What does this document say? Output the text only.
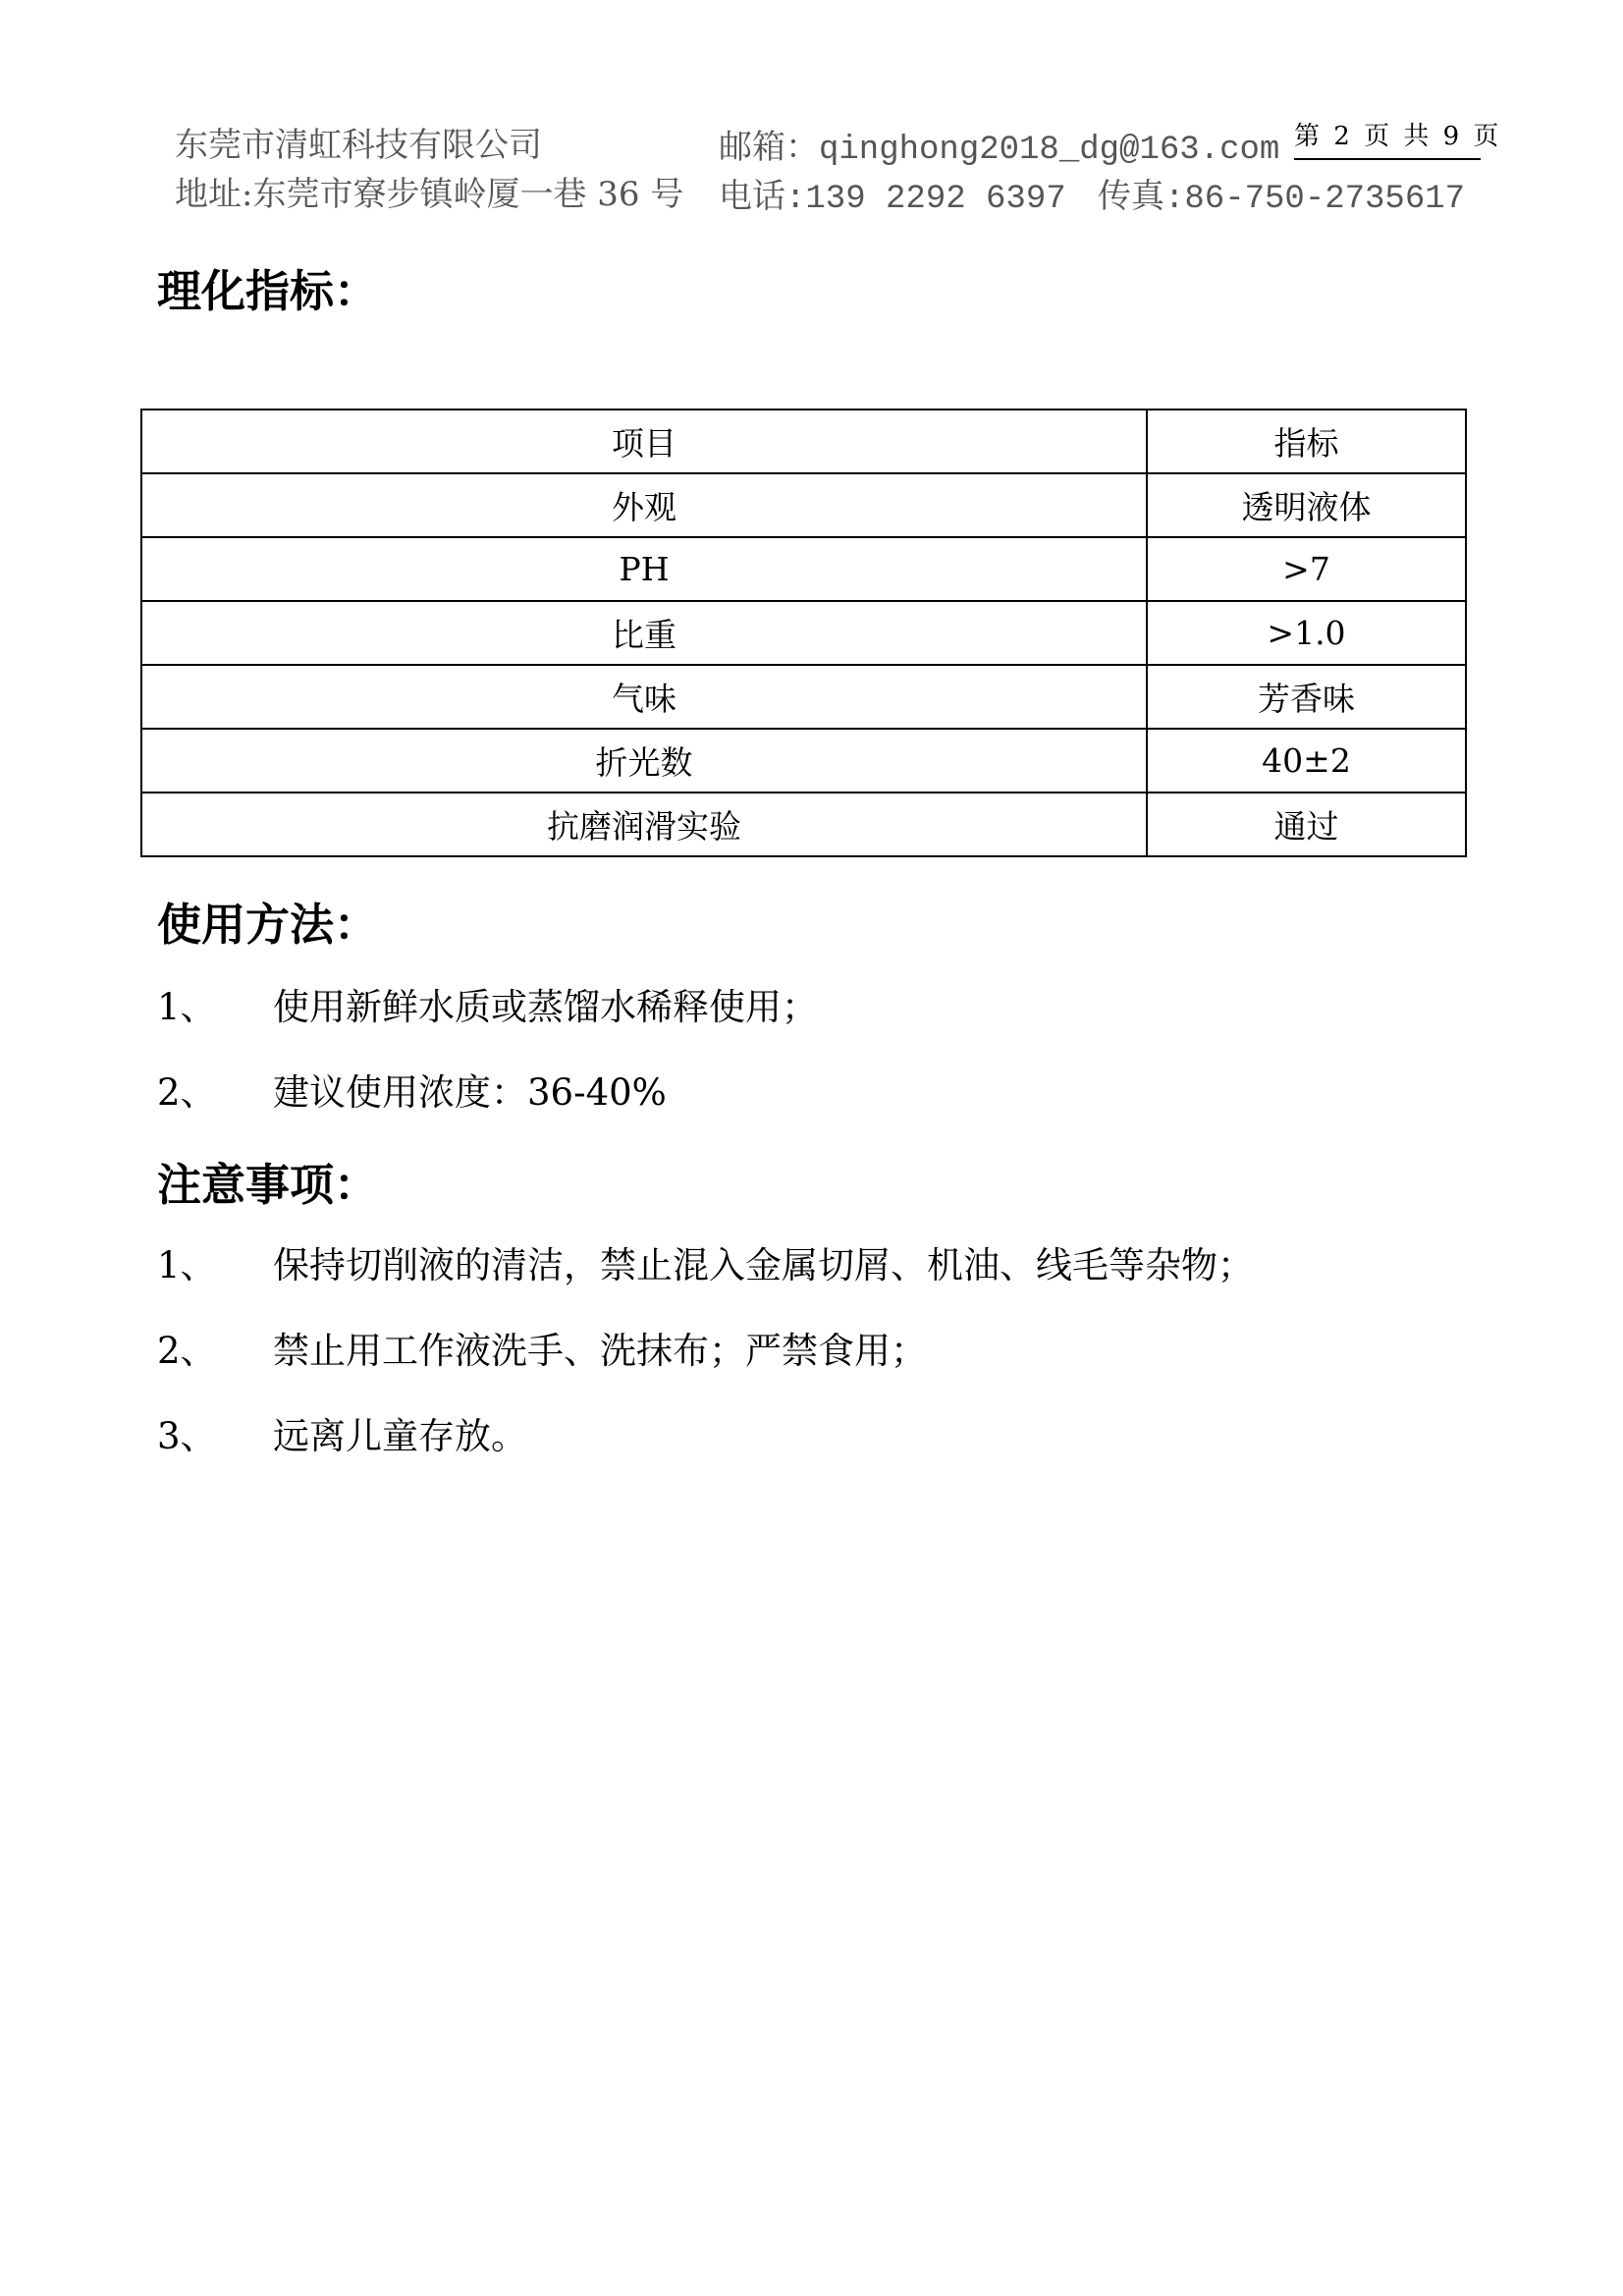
东莞市清虹科技有限公司	邮箱：qinghong2018_dg@163.com 第 2 页 共 9 页
地址:东莞市寮步镇岭厦一巷 36 号 电话:139 2292 6397 传真:86-750-2735617
理化指标：
项目	指标
外观	透明液体
PH	>7
比重	>1.0
气味	芳香味
折光数	40±2
抗磨润滑实验	通过
使用方法：
1、 使用新鲜水质或蒸馏水稀释使用；
2、 建议使用浓度：36-40%
注意事项：
1、 保持切削液的清洁，禁止混入金属切屑、机油、线毛等杂物；
2、 禁止用工作液洗手、洗抹布；严禁食用；
3、 远离儿童存放。
